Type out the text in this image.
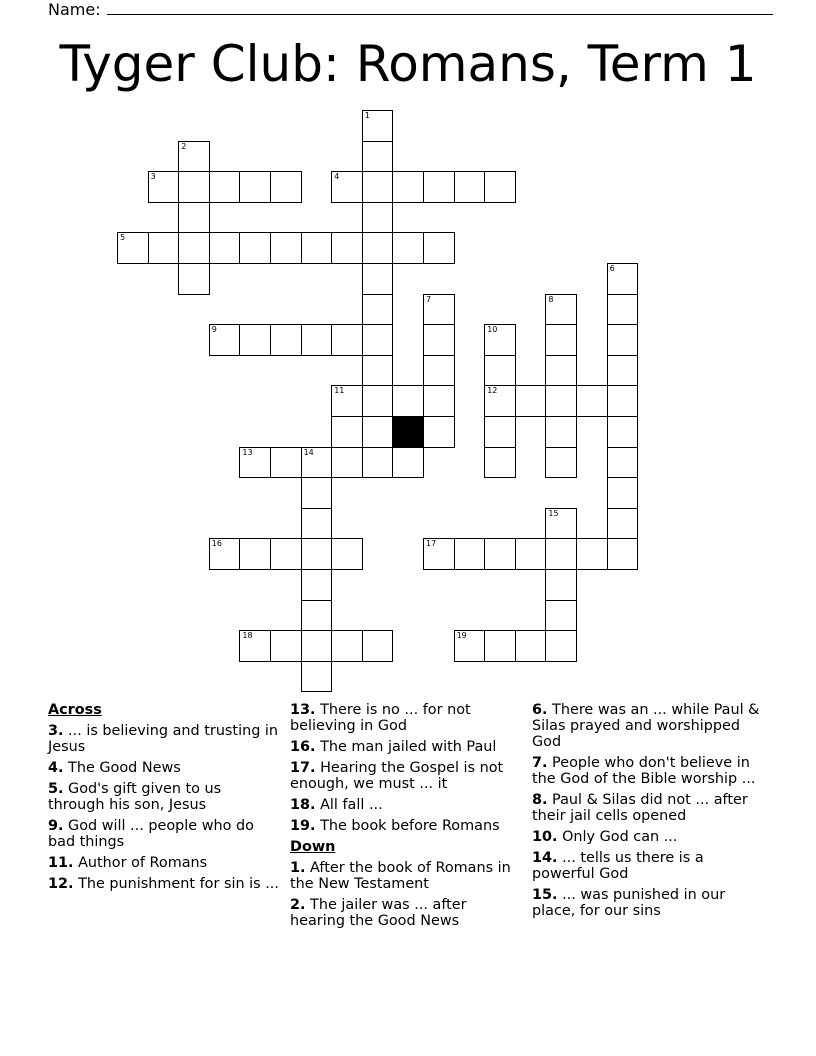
Name:
Tyger Club: Romans, Term 1
1
2
3	4
5
6
7	8
9	10
12
11
13	14
15
16	17
18	19
Across
3. ... is believing and trusting in Jesus
4. The Good News
5. God's gift given to us through his son, Jesus
9. God will ... people who do bad things
11. Author of Romans
12. The punishment for sin is ...
13. There is no ... for not believing in God
16. The man jailed with Paul
17. Hearing the Gospel is not enough, we must ... it
18. All fall ...
19. The book before Romans
Down
1. After the book of Romans in the New Testament
2. The jailer was ... after hearing the Good News
6. There was an ... while Paul & Silas prayed and worshipped God
7. People who don't believe in the God of the Bible worship ...
8. Paul & Silas did not ... after their jail cells opened
10. Only God can ...
14. ... tells us there is a powerful God
15. ... was punished in our place, for our sins
